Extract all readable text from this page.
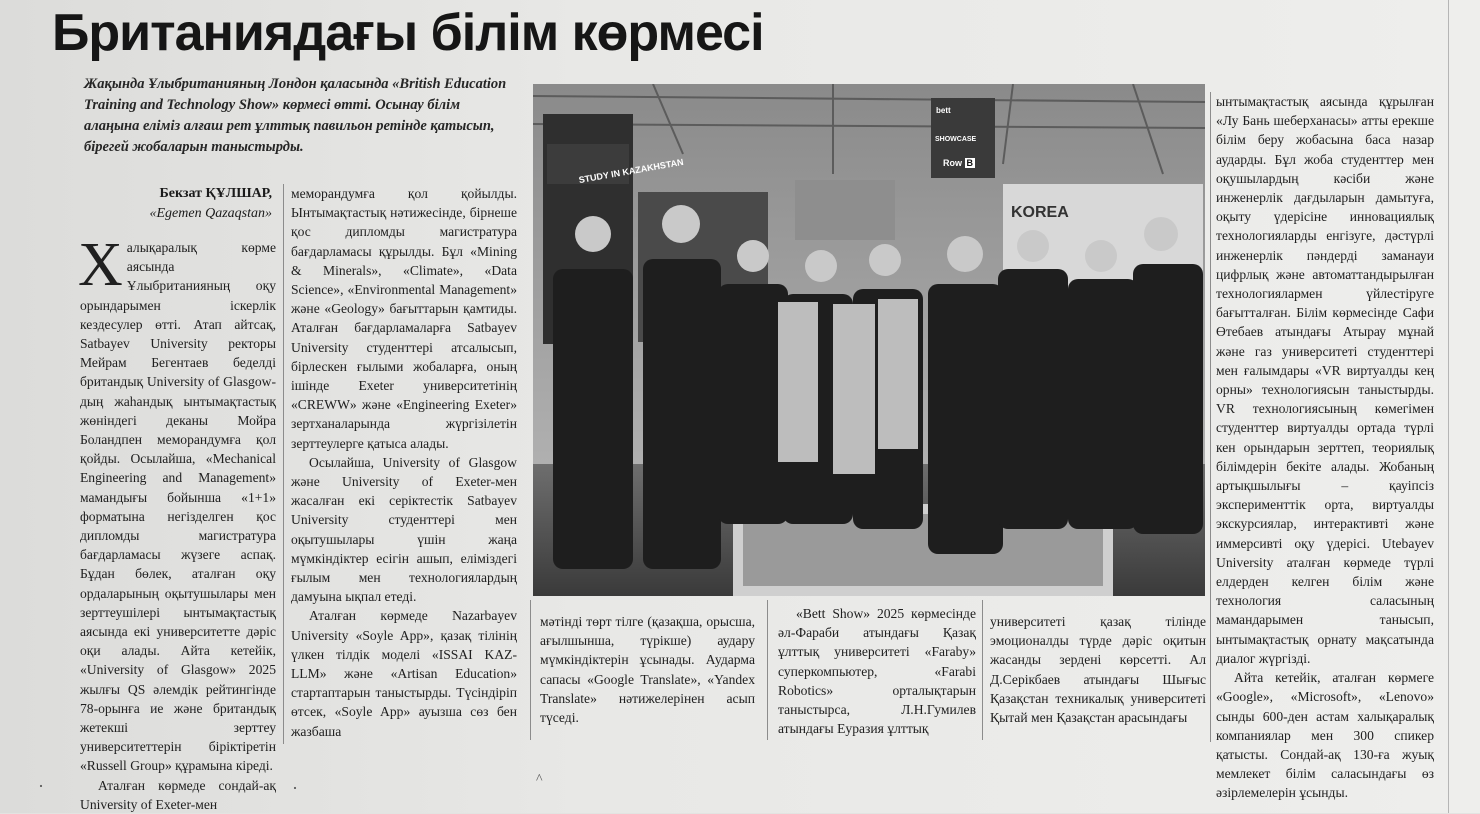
Британиядағы білім көрмесі
Жақында Ұлыбританияның Лондон қаласында «British Education Training and Technology Show» көрмесі өтті. Осынау білім алаңына еліміз алғаш рет ұлттық павильон ретінде қатысып, бірегей жобаларын таныстырды.
Бекзат ҚҰЛШАР,
«Egemen Qazaqstan»

Халықаралық көрме аясында Ұлыбританияның оқу орындарымен іскерлік кездесулер өтті. Атап айтсақ, Satbayev University ректоры Мейрам Бегентаев беделді британдық University of Glasgow-дың жаһандық ынтымақтастық жөніндегі деканы Мойра Боландпен меморандумға қол қойды. Осылайша, «Mechanical Engineering and Management» мамандығы бойынша «1+1» форматына негізделген қос дипломды магистратура бағдарламасы жүзеге аспақ. Бұдан бөлек, аталған оқу ордаларының оқытушылары мен зерттеушілері ынтымақтастық аясында екі университетте дәріс оқи алады. Айта кетейік, «University of Glasgow» 2025 жылғы QS әлемдік рейтингінде 78-орынға ие және британдық жетекші зерттеу университеттерін біріктіретін «Russell Group» құрамына кіреді.

Аталған көрмеде сондай-ақ University of Exeter-мен

меморандумға қол қойылды. Ынтымақтастық нәтижесінде, бірнеше қос дипломды магистратура бағдарламасы құрылды. Бұл «Mining & Minerals», «Climate», «Data Science», «Environmental Management» және «Geology» бағыттарын қамтиды. Аталған бағдарламаларға Satbayev University студенттері атсалысып, бірлескен ғылыми жобаларға, оның ішінде Exeter университетінің «CREWW» және «Engineering Exeter» зертханаларында жүргізілетін зерттеулерге қатыса алады.

Осылайша, University of Glasgow және University of Exeter-мен жасалған екі серіктестік Satbayev University студенттері мен оқытушылары үшін жаңа мүмкіндіктер есігін ашып, еліміздегі ғылым мен технологиялардың дамуына ықпал етеді.

Аталған көрмеде Nazarbayev University «Soyle App», қазақ тілінің үлкен тілдік моделі «ISSAI KAZ-LLM» және «Artisan Education» стартаптарын таныстырды. Түсіндіріп өтсек, «Soyle App» ауызша сөз бен жазбаша

STUDY IN KAZAKHSTAN
KOREA
bett
SHOWCASE
Row B

ынтымақтастық аясында құрылған «Лу Бань шеберханасы» атты ерекше білім беру жобасына баса назар аударды. Бұл жоба студенттер мен оқушылардың кәсіби және инженерлік дағдыларын дамытуға, оқыту үдерісіне инновациялық технологияларды енгізуге, дәстүрлі инженерлік пәндерді заманауи цифрлық және автоматтандырылған технологиялармен үйлестіруге бағытталған. Білім көрмесінде Сафи Өтебаев атындағы Атырау мұнай және газ университеті студенттері мен ғалымдары «VR виртуалды кең орны» технологиясын таныстырды. VR технологиясының көмегімен студенттер виртуалды ортада түрлі кен орындарын зерттеп, теориялық білімдерін бекіте алады. Жобаның артықшылығы – қауіпсіз эксперименттік орта, виртуалды экскурсиялар, интерактивті және иммерсивті оқу үдерісі. Utebayev University аталған көрмеде түрлі елдерден келген білім және технология саласының мамандарымен танысып, ынтымақтастық орнату мақсатында диалог жүргізді.

Айта кетейік, аталған көрмеге «Google», «Microsoft», «Lenovo» сынды 600-ден астам халықаралық компаниялар мен 300 спикер қатысты. Сондай-ақ 130-ға жуық мемлекет білім саласындағы өз әзірлемелерін ұсынды.

мәтінді төрт тілге (қазақша, орысша, ағылшынша, түрікше) аудару мүмкіндіктерін ұсынады. Аудармa сапасы «Google Translate», «Yandex Translate» нәтижелерінен асып түседі.

«Bett Show» 2025 көрмесінде әл-Фараби атындағы Қазақ ұлттық университеті «Faraby» суперкомпьютер, «Farabi Robotics» орталықтарын таныстырса, Л.Н.Гумилев атындағы Еуразия ұлттық

университеті қазақ тілінде эмоционалды түрде дәріс оқитын жасанды зердені көрсетті. Ал Д.Серікбаев атындағы Шығыс Қазақстан техникалық университеті Қытай мен Қазақстан арасындағы

·	·	^
